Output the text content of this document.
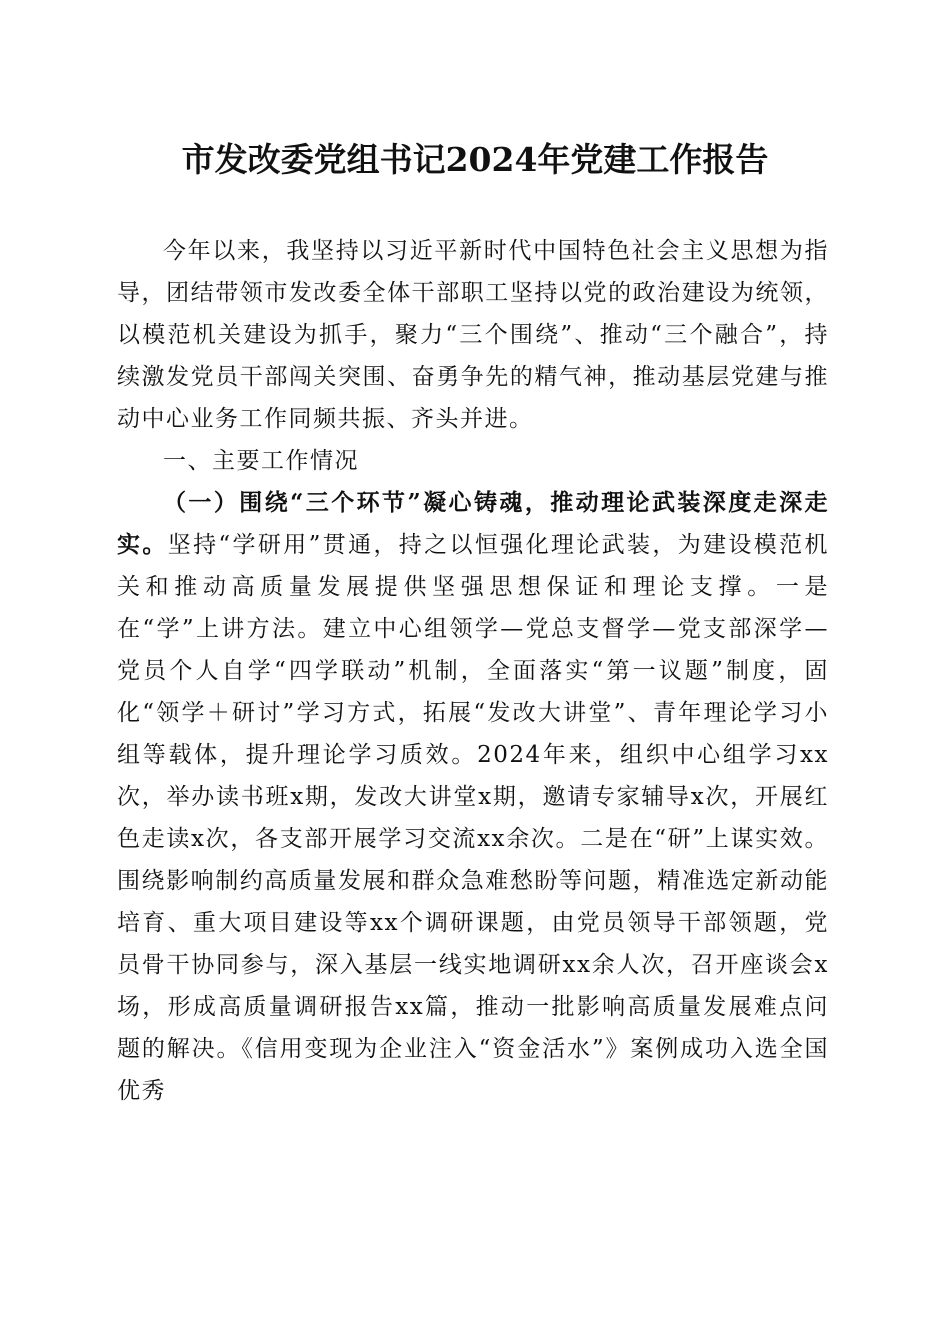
市发改委党组书记2024年党建工作报告

今年以来，我坚持以习近平新时代中国特色社会主义思想为指导，团结带领市发改委全体干部职工坚持以党的政治建设为统领，以模范机关建设为抓手，聚力“三个围绕”、推动“三个融合”，持续激发党员干部闯关突围、奋勇争先的精气神，推动基层党建与推动中心业务工作同频共振、齐头并进。

一、主要工作情况

（一）围绕“三个环节”凝心铸魂，推动理论武装深度走深走实。坚持“学研用”贯通，持之以恒强化理论武装，为建设模范机关和推动高质量发展提供坚强思想保证和理论支撑。一是在“学”上讲方法。建立中心组领学—党总支督学—党支部深学—党员个人自学“四学联动”机制，全面落实“第一议题”制度，固化“领学＋研讨”学习方式，拓展“发改大讲堂”、青年理论学习小组等载体，提升理论学习质效。2024年来，组织中心组学习xx次，举办读书班x期，发改大讲堂x期，邀请专家辅导x次，开展红色走读x次，各支部开展学习交流xx余次。二是在“研”上谋实效。围绕影响制约高质量发展和群众急难愁盼等问题，精准选定新动能培育、重大项目建设等xx个调研课题，由党员领导干部领题，党员骨干协同参与，深入基层一线实地调研xx余人次，召开座谈会x场，形成高质量调研报告xx篇，推动一批影响高质量发展难点问题的解决。《信用变现为企业注入“资金活水”》案例成功入选全国优秀
